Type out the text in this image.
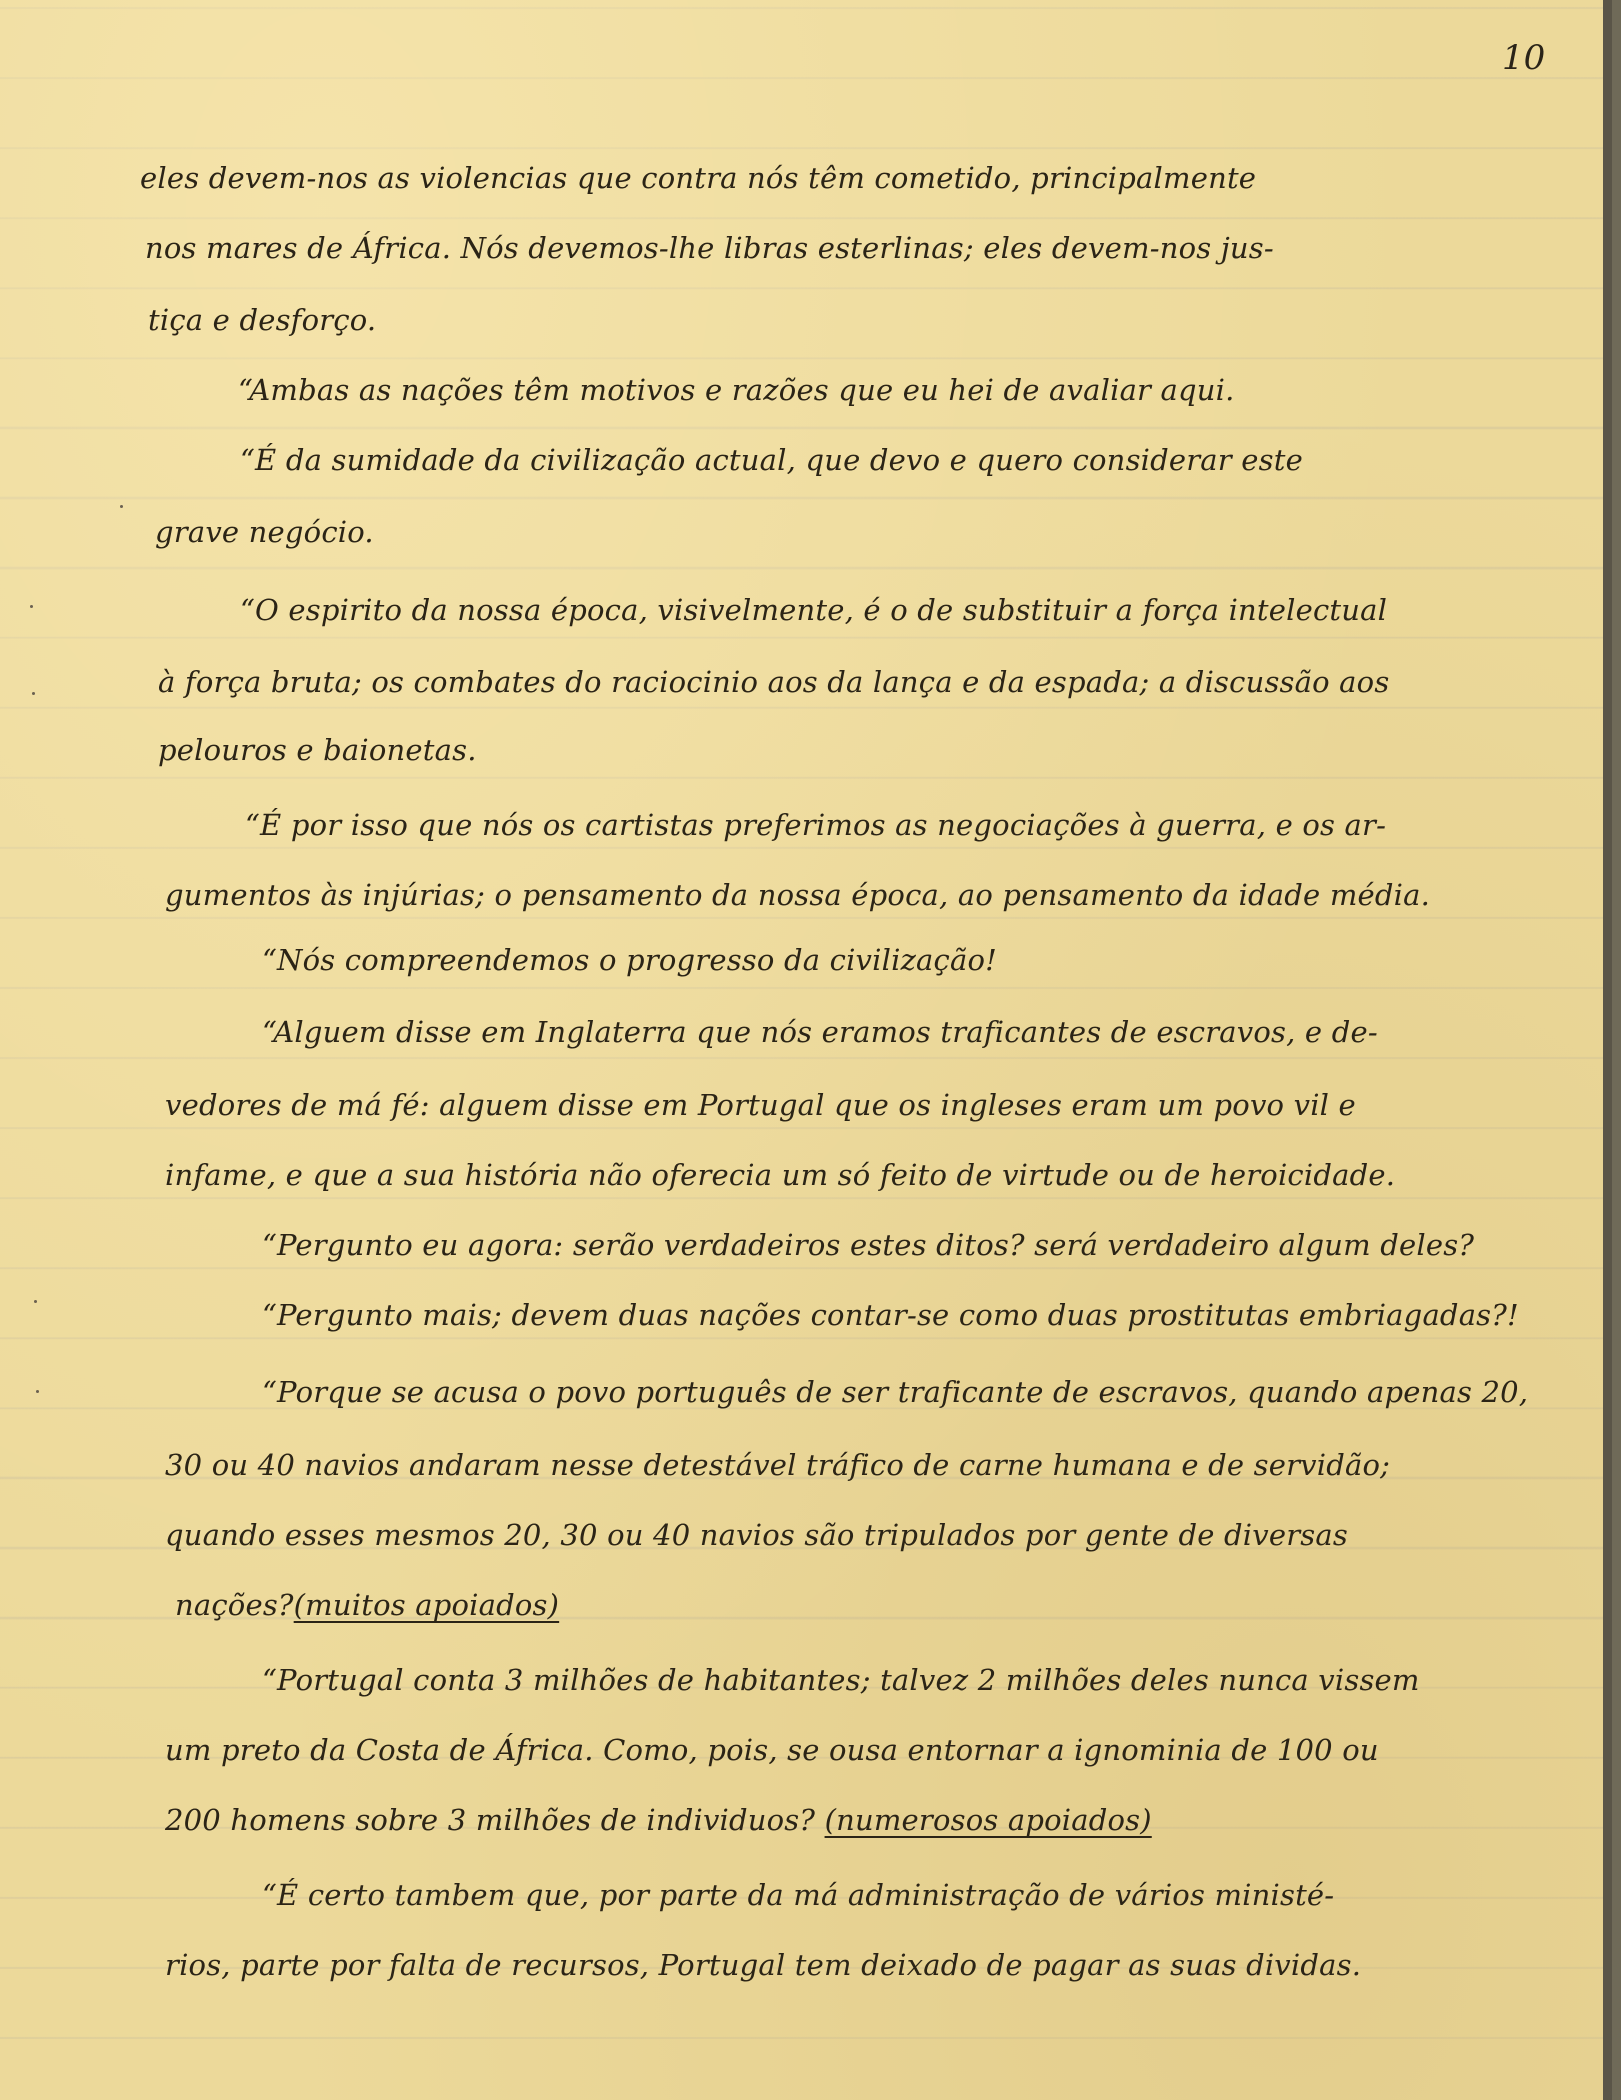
10
eles devem-nos as violencias que contra nós têm cometido, principalmente
nos mares de África. Nós devemos-lhe libras esterlinas; eles devem-nos jus-
tiça e desforço.
“Ambas as nações têm motivos e razões que eu hei de avaliar aqui.
“É da sumidade da civilização actual, que devo e quero considerar este
grave negócio.
“O espirito da nossa época, visivelmente, é o de substituir a força intelectual
à força bruta; os combates do raciocinio aos da lança e da espada; a discussão aos
pelouros e baionetas.
“É por isso que nós os cartistas preferimos as negociações à guerra, e os ar-
gumentos às injúrias; o pensamento da nossa época, ao pensamento da idade média.
“Nós compreendemos o progresso da civilização!
“Alguem disse em Inglaterra que nós eramos traficantes de escravos, e de-
vedores de má fé: alguem disse em Portugal que os ingleses eram um povo vil e
infame, e que a sua história não oferecia um só feito de virtude ou de heroicidade.
“Pergunto eu agora: serão verdadeiros estes ditos? será verdadeiro algum deles?
“Pergunto mais; devem duas nações contar-se como duas prostitutas embriagadas?!
“Porque se acusa o povo português de ser traficante de escravos, quando apenas 20,
30 ou 40 navios andaram nesse detestável tráfico de carne humana e de servidão;
quando esses mesmos 20, 30 ou 40 navios são tripulados por gente de diversas
nações?(muitos apoiados)
“Portugal conta 3 milhões de habitantes; talvez 2 milhões deles nunca vissem
um preto da Costa de África. Como, pois, se ousa entornar a ignominia de 100 ou
200 homens sobre 3 milhões de individuos? (numerosos apoiados)
“É certo tambem que, por parte da má administração de vários ministé-
rios, parte por falta de recursos, Portugal tem deixado de pagar as suas dividas.
